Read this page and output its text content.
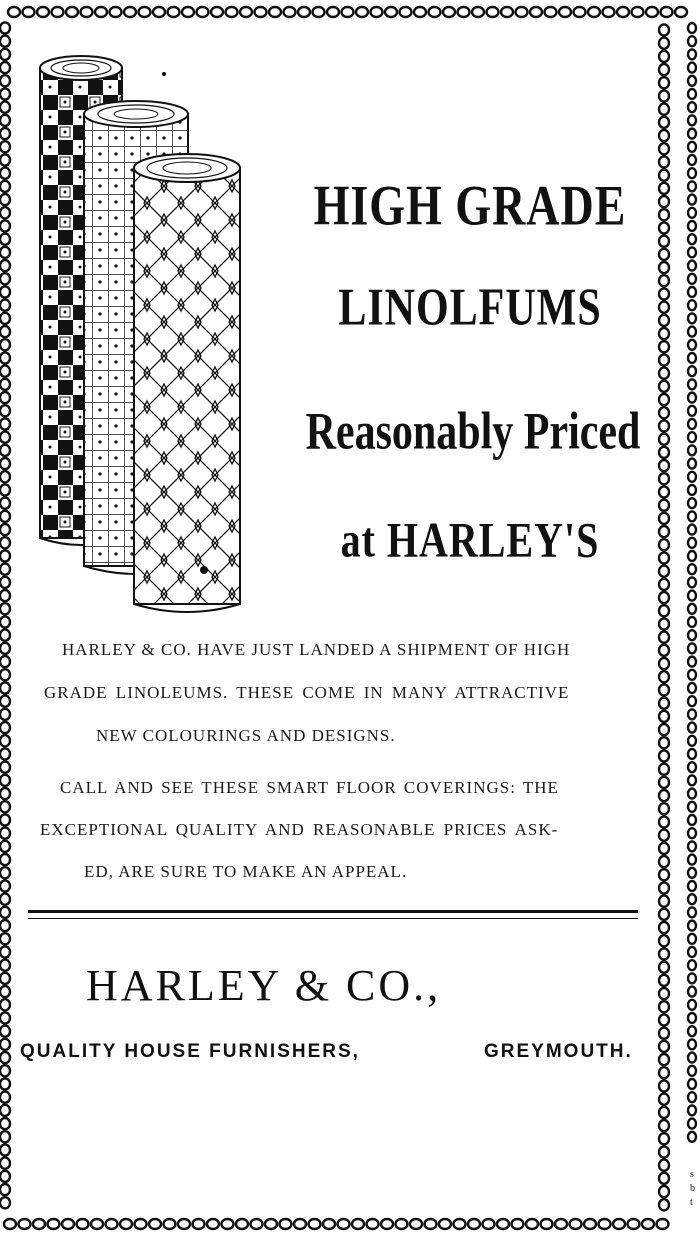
HIGH GRADE
LINOLFUMS
Reasonably Priced
at HARLEY'S
HARLEY & CO. HAVE JUST LANDED A SHIPMENT OF HIGH
GRADE LINOLEUMS. THESE COME IN MANY ATTRACTIVE
NEW COLOURINGS AND DESIGNS.
CALL AND SEE THESE SMART FLOOR COVERINGS: THE
EXCEPTIONAL QUALITY AND REASONABLE PRICES ASK-
ED, ARE SURE TO MAKE AN APPEAL.
HARLEY & CO.,
QUALITY HOUSE FURNISHERS,	GREYMOUTH.
s
b
t
